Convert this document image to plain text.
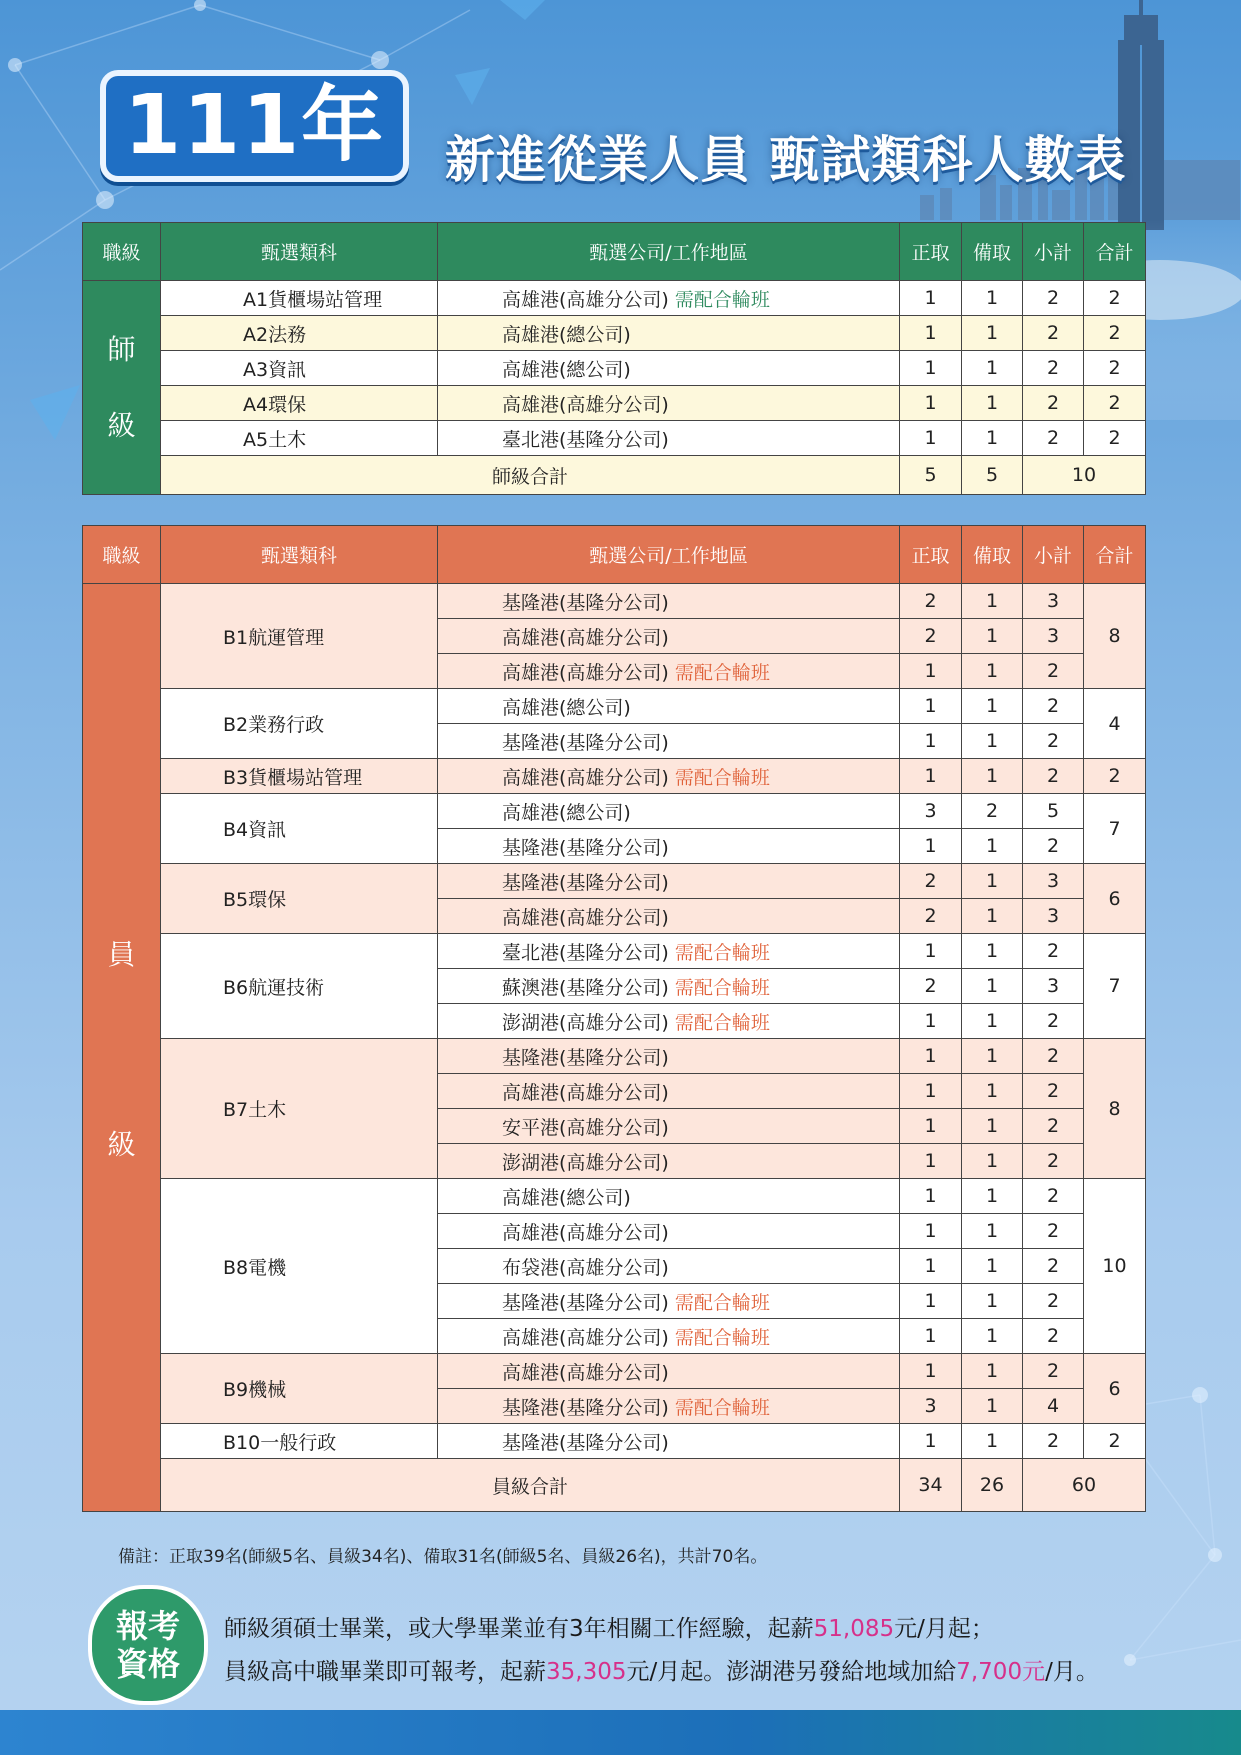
111年 新進從業人員 甄試類科人數表
職級	甄選類科	甄選公司/工作地區	正取	備取	小計	合計

師
級	A1貨櫃場站管理	高雄港(高雄分公司) 需配合輪班	1	1	2	2
	A2法務	高雄港(總公司)	1	1	2	2
	A3資訊	高雄港(總公司)	1	1	2	2
	A4環保	高雄港(高雄分公司)	1	1	2	2
	A5土木	臺北港(基隆分公司)	1	1	2	2
	師級合計		5	5	10	
職級	甄選類科	甄選公司/工作地區	正取	備取	小計	合計

員
級	B1航運管理	基隆港(基隆分公司)	2	1	3	8
		高雄港(高雄分公司)	2	1	3	
		高雄港(高雄分公司) 需配合輪班	1	1	2	
	B2業務行政	高雄港(總公司)	1	1	2	4
		基隆港(基隆分公司)	1	1	2	
	B3貨櫃場站管理	高雄港(高雄分公司) 需配合輪班	1	1	2	2
	B4資訊	高雄港(總公司)	3	2	5	7
		基隆港(基隆分公司)	1	1	2	
	B5環保	基隆港(基隆分公司)	2	1	3	6
		高雄港(高雄分公司)	2	1	3	
	B6航運技術	臺北港(基隆分公司) 需配合輪班	1	1	2	7
		蘇澳港(基隆分公司) 需配合輪班	2	1	3	
		澎湖港(高雄分公司) 需配合輪班	1	1	2	
	B7土木	基隆港(基隆分公司)	1	1	2	8
		高雄港(高雄分公司)	1	1	2	
		安平港(高雄分公司)	1	1	2	
		澎湖港(高雄分公司)	1	1	2	
	B8電機	高雄港(總公司)	1	1	2	10
		高雄港(高雄分公司)	1	1	2	
		布袋港(高雄分公司)	1	1	2	
		基隆港(基隆分公司) 需配合輪班	1	1	2	
		高雄港(高雄分公司) 需配合輪班	1	1	2	
	B9機械	高雄港(高雄分公司)	1	1	2	6
		基隆港(基隆分公司) 需配合輪班	3	1	4	
	B10一般行政	基隆港(基隆分公司)	1	1	2	2
	員級合計		34	26	60	
備註：正取39名(師級5名、員級34名)、備取31名(師級5名、員級26名)，共計70名。
報考
資格
師級須碩士畢業，或大學畢業並有3年相關工作經驗，起薪51,085元/月起；
員級高中職畢業即可報考，起薪35,305元/月起。澎湖港另發給地域加給7,700元/月。
